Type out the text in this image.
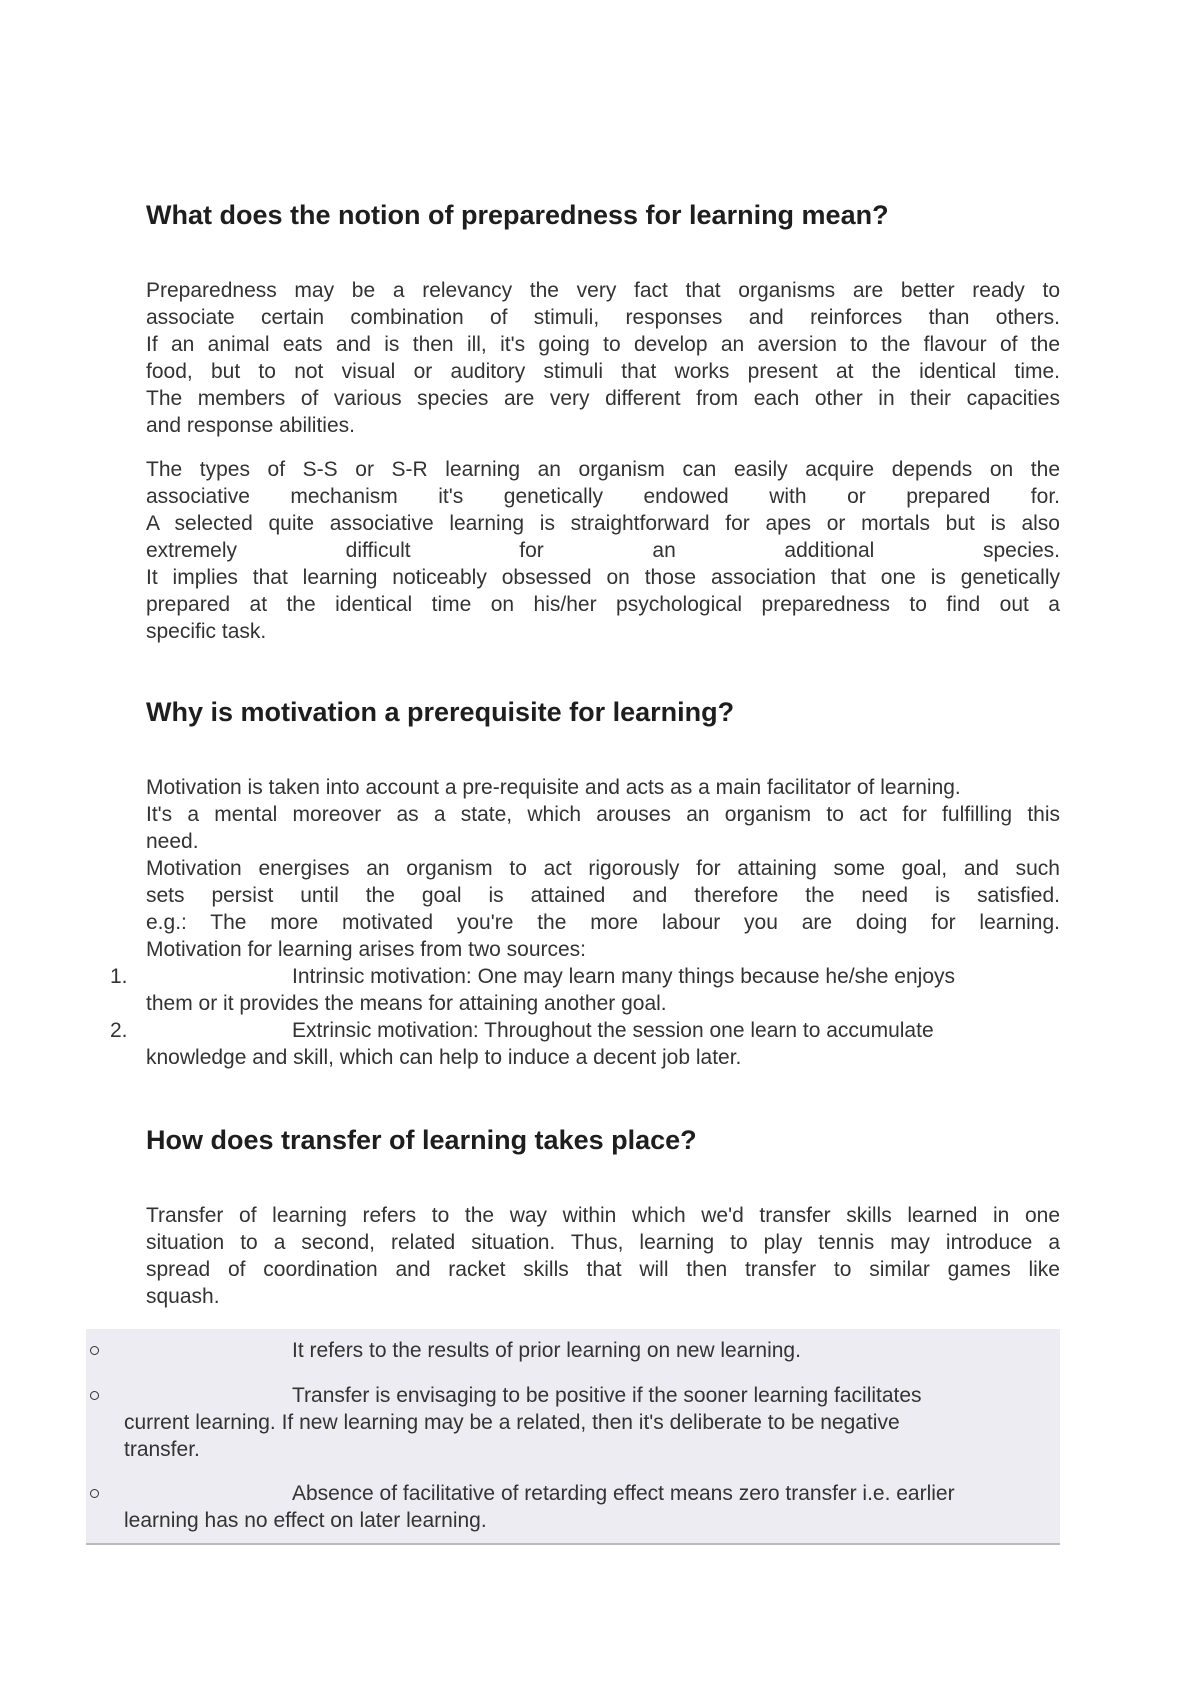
What does the notion of preparedness for learning mean?

Preparedness may be a relevancy the very fact that organisms are better ready to
associate certain combination of stimuli, responses and reinforces than others.
If an animal eats and is then ill, it's going to develop an aversion to the flavour of the
food, but to not visual or auditory stimuli that works present at the identical time.
The members of various species are very different from each other in their capacities
and response abilities.

The types of S-S or S-R learning an organism can easily acquire depends on the
associative mechanism it's genetically endowed with or prepared for.
A selected quite associative learning is straightforward for apes or mortals but is also
extremely difficult for an additional species.
It implies that learning noticeably obsessed on those association that one is genetically
prepared at the identical time on his/her psychological preparedness to find out a
specific task.

Why is motivation a prerequisite for learning?

Motivation is taken into account a pre-requisite and acts as a main facilitator of learning.
It's a mental moreover as a state, which arouses an organism to act for fulfilling this
need.
Motivation energises an organism to act rigorously for attaining some goal, and such
sets persist until the goal is attained and therefore the need is satisfied.
e.g.: The more motivated you're the more labour you are doing for learning.
Motivation for learning arises from two sources:

1.	Intrinsic motivation: One may learn many things because he/she enjoys
them or it provides the means for attaining another goal.
2.	Extrinsic motivation: Throughout the session one learn to accumulate
knowledge and skill, which can help to induce a decent job later.
How does transfer of learning takes place?

Transfer of learning refers to the way within which we'd transfer skills learned in one
situation to a second, related situation. Thus, learning to play tennis may introduce a
spread of coordination and racket skills that will then transfer to similar games like
squash.

It refers to the results of prior learning on new learning.
Transfer is envisaging to be positive if the sooner learning facilitates
current learning. If new learning may be a related, then it's deliberate to be negative
transfer.
Absence of facilitative of retarding effect means zero transfer i.e. earlier
learning has no effect on later learning.
